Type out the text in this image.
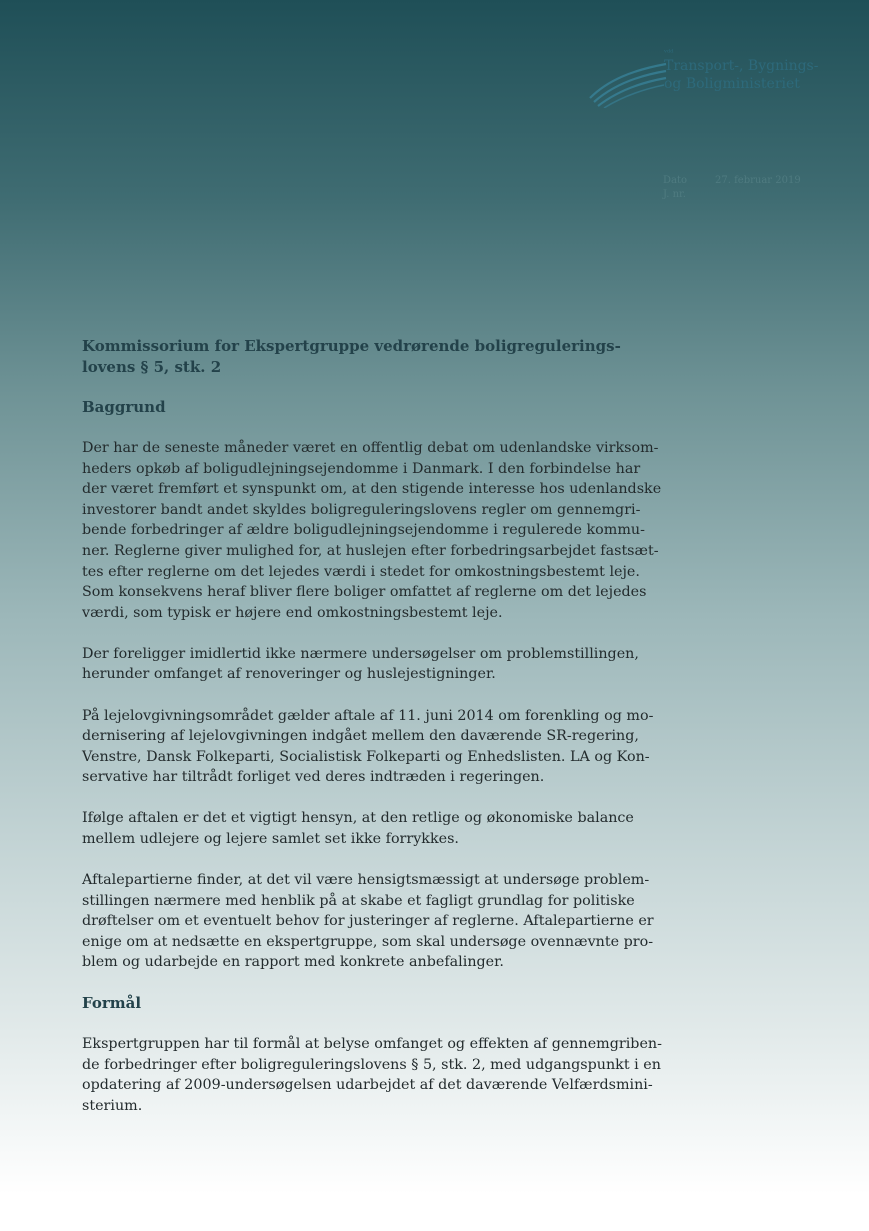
ᵛᵈᵈ
Transport-, Bygnings-
og Boligministeriet
Dato	27. februar 2019
J. nr.
Kommissorium for Ekspertgruppe vedrørende boligregulerings-
lovens § 5, stk. 2
Baggrund

Der har de seneste måneder været en offentlig debat om udenlandske virksom-
heders opkøb af boligudlejningsejendomme i Danmark. I den forbindelse har
der været fremført et synspunkt om, at den stigende interesse hos udenlandske
investorer bandt andet skyldes boligreguleringslovens regler om gennemgri-
bende forbedringer af ældre boligudlejningsejendomme i regulerede kommu-
ner. Reglerne giver mulighed for, at huslejen efter forbedringsarbejdet fastsæt-
tes efter reglerne om det lejedes værdi i stedet for omkostningsbestemt leje.
Som konsekvens heraf bliver flere boliger omfattet af reglerne om det lejedes
værdi, som typisk er højere end omkostningsbestemt leje.

Der foreligger imidlertid ikke nærmere undersøgelser om problemstillingen,
herunder omfanget af renoveringer og huslejestigninger.

På lejelovgivningsområdet gælder aftale af 11. juni 2014 om forenkling og mo-
dernisering af lejelovgivningen indgået mellem den daværende SR-regering,
Venstre, Dansk Folkeparti, Socialistisk Folkeparti og Enhedslisten. LA og Kon-
servative har tiltrådt forliget ved deres indtræden i regeringen.

Ifølge aftalen er det et vigtigt hensyn, at den retlige og økonomiske balance
mellem udlejere og lejere samlet set ikke forrykkes.

Aftalepartierne finder, at det vil være hensigtsmæssigt at undersøge problem-
stillingen nærmere med henblik på at skabe et fagligt grundlag for politiske
drøftelser om et eventuelt behov for justeringer af reglerne. Aftalepartierne er
enige om at nedsætte en ekspertgruppe, som skal undersøge ovennævnte pro-
blem og udarbejde en rapport med konkrete anbefalinger.

Formål

Ekspertgruppen har til formål at belyse omfanget og effekten af gennemgriben-
de forbedringer efter boligreguleringslovens § 5, stk. 2, med udgangspunkt i en
opdatering af 2009-undersøgelsen udarbejdet af det daværende Velfærdsmini-
sterium.
